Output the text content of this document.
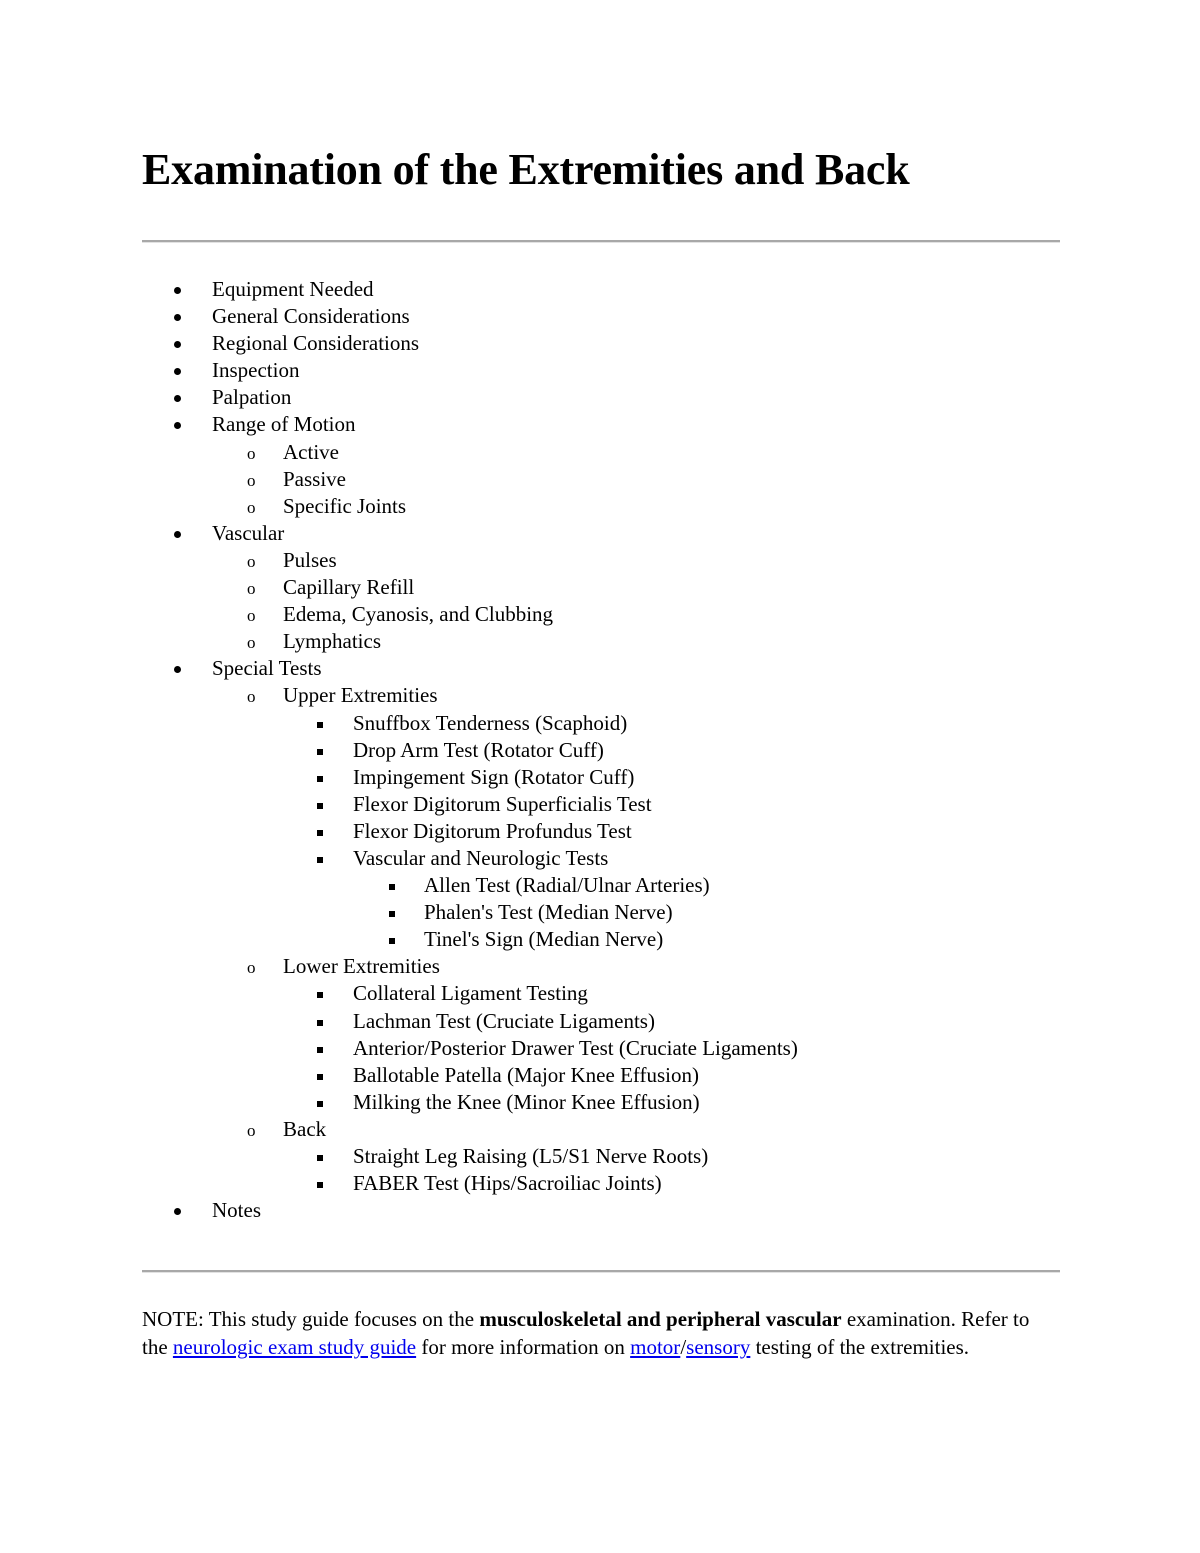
Examination of the Extremities and Back
Equipment Needed
General Considerations
Regional Considerations
Inspection
Palpation
Range of Motion
o Active
o Passive
o Specific Joints
Vascular
o Pulses
o Capillary Refill
o Edema, Cyanosis, and Clubbing
o Lymphatics
Special Tests
o Upper Extremities
Snuffbox Tenderness (Scaphoid)
Drop Arm Test (Rotator Cuff)
Impingement Sign (Rotator Cuff)
Flexor Digitorum Superficialis Test
Flexor Digitorum Profundus Test
Vascular and Neurologic Tests
Allen Test (Radial/Ulnar Arteries)
Phalen's Test (Median Nerve)
Tinel's Sign (Median Nerve)
o Lower Extremities
Collateral Ligament Testing
Lachman Test (Cruciate Ligaments)
Anterior/Posterior Drawer Test (Cruciate Ligaments)
Ballotable Patella (Major Knee Effusion)
Milking the Knee (Minor Knee Effusion)
o Back
Straight Leg Raising (L5/S1 Nerve Roots)
FABER Test (Hips/Sacroiliac Joints)
Notes

NOTE: This study guide focuses on the musculoskeletal and peripheral vascular examination. Refer to the neurologic exam study guide for more information on motor/sensory testing of the extremities.
